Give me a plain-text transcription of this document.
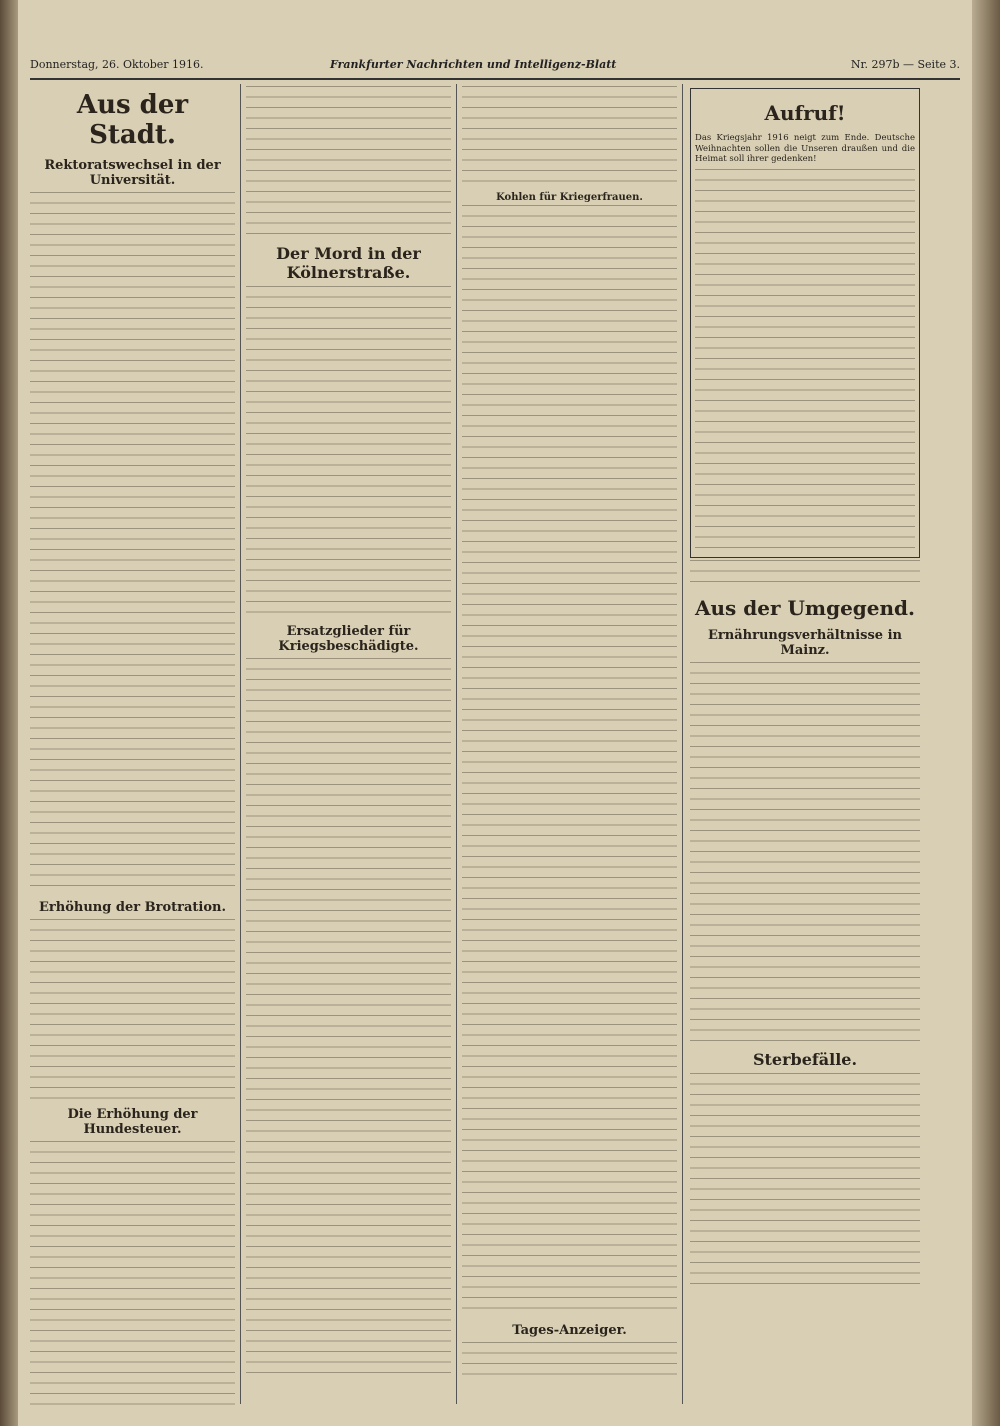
Donnerstag, 26. Oktober 1916.	Frankfurter Nachrichten und Intelligenz-Blatt	Nr. 297b — Seite 3.
Aus der Stadt.
Rektoratswechsel in der Universität.
Erhöhung der Brotration.
Die Erhöhung der Hundesteuer.
Der Mord in der Kölnerstraße.
Ersatzglieder für Kriegsbeschädigte.
Kohlen für Kriegerfrauen.
Tages-Anzeiger.
Aufruf!
Das Kriegsjahr 1916 neigt zum Ende. Deutsche Weihnachten sollen die Unseren draußen und die Heimat soll ihrer gedenken!
Aus der Umgegend.
Ernährungsverhältnisse in Mainz.
Sterbefälle.
